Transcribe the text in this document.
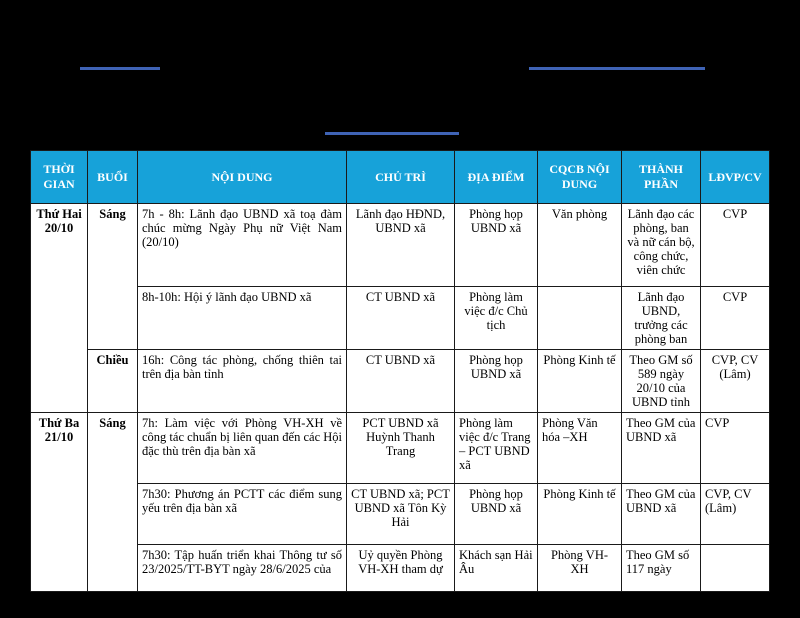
THỜI GIAN	BUỔI	NỘI DUNG	CHỦ TRÌ	ĐỊA ĐIỂM	CQCB NỘI DUNG	THÀNH PHẦN	LĐVP/CV
Thứ Hai 20/10	Sáng	7h - 8h: Lãnh đạo UBND xã toạ đàm chúc mừng Ngày Phụ nữ Việt Nam (20/10)	Lãnh đạo HĐND, UBND xã	Phòng họp UBND xã	Văn phòng	Lãnh đạo các phòng, ban và nữ cán bộ, công chức, viên chức	CVP
		8h-10h: Hội ý lãnh đạo UBND xã	CT UBND xã	Phòng làm việc đ/c Chủ tịch		Lãnh đạo UBND, trưởng các phòng ban	CVP
	Chiều	16h: Công tác phòng, chống thiên tai trên địa bàn tỉnh	CT UBND xã	Phòng họp UBND xã	Phòng Kinh tế	Theo GM số 589 ngày 20/10 của UBND tỉnh	CVP, CV (Lâm)
Thứ Ba 21/10	Sáng	7h: Làm việc với Phòng VH-XH về công tác chuẩn bị liên quan đến các Hội đặc thù trên địa bàn xã	PCT UBND xã Huỳnh Thanh Trang	Phòng làm việc đ/c Trang – PCT UBND xã	Phòng Văn hóa –XH	Theo GM của UBND xã	CVP
		7h30: Phương án PCTT các điểm sung yếu trên địa bàn xã	CT UBND xã; PCT UBND xã Tôn Kỳ Hải	Phòng họp UBND xã	Phòng Kinh tế	Theo GM của UBND xã	CVP, CV (Lâm)
		7h30: Tập huấn triển khai Thông tư số 23/2025/TT-BYT ngày 28/6/2025 của	Uỷ quyền Phòng VH-XH tham dự	Khách sạn Hải Âu	Phòng VH-XH	Theo GM số 117 ngày	
